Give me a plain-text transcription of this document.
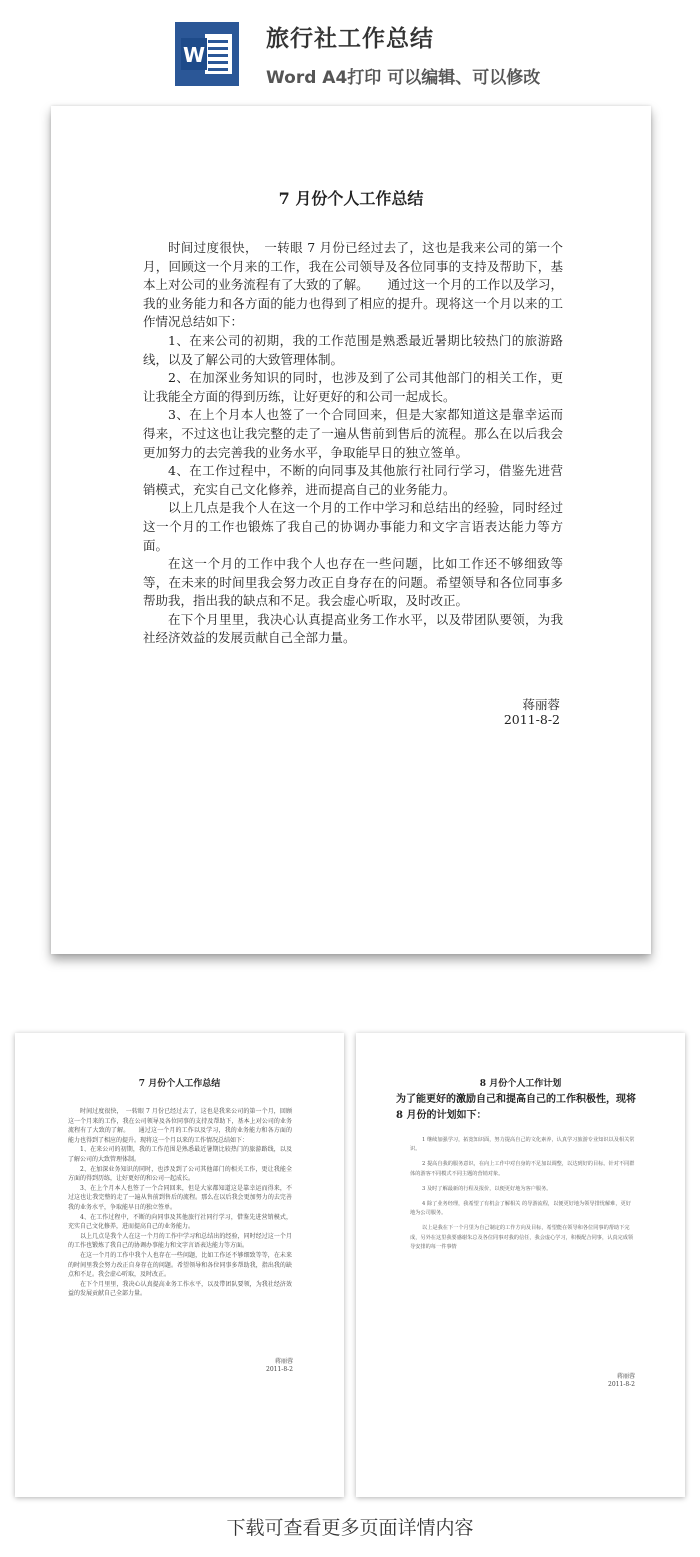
W
旅行社工作总结
Word A4打印 可以编辑、可以修改
7 月份个人工作总结

时间过度很快，　一转眼 7 月份已经过去了，这也是我来公司的第一个月，回顾这一个月来的工作，我在公司领导及各位同事的支持及帮助下，基本上对公司的业务流程有了大致的了解。　　通过这一个月的工作以及学习，我的业务能力和各方面的能力也得到了相应的提升。现将这一个月以来的工作情况总结如下：

1、在来公司的初期，我的工作范围是熟悉最近暑期比较热门的旅游路线，以及了解公司的大致管理体制。

2、在加深业务知识的同时，也涉及到了公司其他部门的相关工作，更让我能全方面的得到历练，让好更好的和公司一起成长。

3、在上个月本人也签了一个合同回来，但是大家都知道这是靠幸运而得来，不过这也让我完整的走了一遍从售前到售后的流程。那么在以后我会更加努力的去完善我的业务水平，争取能早日的独立签单。

4、在工作过程中，不断的向同事及其他旅行社同行学习，借鉴先进营销模式，充实自己文化修养，进而提高自己的业务能力。

以上几点是我个人在这一个月的工作中学习和总结出的经验，同时经过这一个月的工作也锻炼了我自己的协调办事能力和文字言语表达能力等方面。

在这一个月的工作中我个人也存在一些问题，比如工作还不够细致等等，在未来的时间里我会努力改正自身存在的问题。希望领导和各位同事多帮助我，指出我的缺点和不足。我会虚心听取，及时改正。

在下个月里里，我决心认真提高业务工作水平，以及带团队要领，为我社经济效益的发展贡献自己全部力量。

蒋丽蓉
2011-8-2
7 月份个人工作总结

时间过度很快，　一转眼 7 月份已经过去了，这也是我来公司的第一个月，回顾这一个月来的工作，我在公司领导及各位同事的支持及帮助下，基本上对公司的业务流程有了大致的了解。　　通过这一个月的工作以及学习，我的业务能力和各方面的能力也得到了相应的提升。现将这一个月以来的工作情况总结如下：

1、在来公司的初期，我的工作范围是熟悉最近暑期比较热门的旅游路线，以及了解公司的大致管理体制。

2、在加深业务知识的同时，也涉及到了公司其他部门的相关工作，更让我能全方面的得到历练，让好更好的和公司一起成长。

3、在上个月本人也签了一个合同回来，但是大家都知道这是靠幸运而得来，不过这也让我完整的走了一遍从售前到售后的流程。那么在以后我会更加努力的去完善我的业务水平，争取能早日的独立签单。

4、在工作过程中，不断的向同事及其他旅行社同行学习，借鉴先进营销模式，充实自己文化修养，进而提高自己的业务能力。

以上几点是我个人在这一个月的工作中学习和总结出的经验，同时经过这一个月的工作也锻炼了我自己的协调办事能力和文字言语表达能力等方面。

在这一个月的工作中我个人也存在一些问题，比如工作还不够细致等等，在未来的时间里我会努力改正自身存在的问题。希望领导和各位同事多帮助我，指出我的缺点和不足。我会虚心听取，及时改正。

在下个月里里，我决心认真提高业务工作水平，以及带团队要领，为我社经济效益的发展贡献自己全部力量。

蒋丽蓉
2011-8-2
8 月份个人工作计划
为了能更好的激励自己和提高自己的工作积极性，现将 8 月份的计划如下：

1 继续加强学习，拓宽知识面，努力提高自己的文化素养，认真学习旅游专业知识以及相关常识。

2 提高自我的服务意识，在向上工作中对自身的不足加以调整，以达到好的目标。针对不同群体的游客不同模式不同主题的营销对象。

3 及时了解最新的行程及报价，以便更好地为客户服务。

4 除了业务经理，我希望了有机会了解相关 的导游流程，以便更好地为领导排忧解难，更好地为公司服务。

以上是我在下一个月里为自己制定的工作方向及目标，希望能在领导和各位同事的帮助下完成，另外在这里我要感谢朱总及各位同事对我的信任，我会虚心学习，积极配合同事，认真完成领导安排的每一件事情

蒋丽蓉
2011-8-2
下载可查看更多页面详情内容
